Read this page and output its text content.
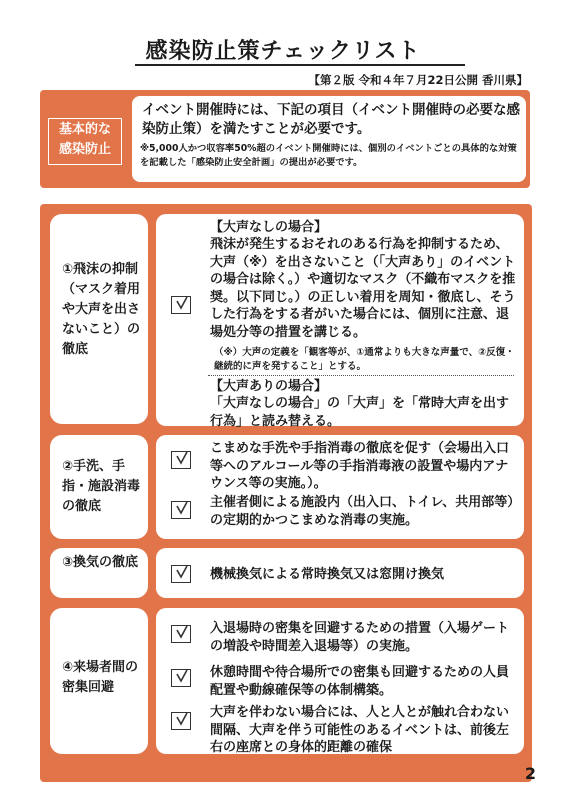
感染防止策チェックリスト
【第２版 令和４年７月22日公開 香川県】
基本的な
感染防止
イベント開催時には、下記の項目（イベント開催時の必要な感染防止策）を満たすことが必要です。
※5,000人かつ収容率50%超のイベント開催時には、個別のイベントごとの具体的な対策を記載した「感染防止安全計画」の提出が必要です。
①飛沫の抑制（マスク着用や大声を出さないこと）の徹底
【大声なしの場合】
飛沫が発生するおそれのある行為を抑制するため、大声（※）を出さないこと（「大声あり」のイベントの場合は除く。）や適切なマスク（不織布マスクを推奨。以下同じ。）の正しい着用を周知・徹底し、そうした行為をする者がいた場合には、個別に注意、退場処分等の措置を講じる。
（※）大声の定義を「観客等が、①通常よりも大きな声量で、②反復・継続的に声を発すること」とする。
【大声ありの場合】
「大声なしの場合」の「大声」を「常時大声を出す行為」と読み替える。
②手洗、手指・施設消毒の徹底
こまめな手洗や手指消毒の徹底を促す（会場出入口等へのアルコール等の手指消毒液の設置や場内アナウンス等の実施。）。
主催者側による施設内（出入口、トイレ、共用部等）の定期的かつこまめな消毒の実施。
③換気の徹底
機械換気による常時換気又は窓開け換気
④来場者間の密集回避
入退場時の密集を回避するための措置（入場ゲートの増設や時間差入退場等）の実施。
休憩時間や待合場所での密集も回避するための人員配置や動線確保等の体制構築。
大声を伴わない場合には、人と人とが触れ合わない間隔、大声を伴う可能性のあるイベントは、前後左右の座席との身体的距離の確保
2
